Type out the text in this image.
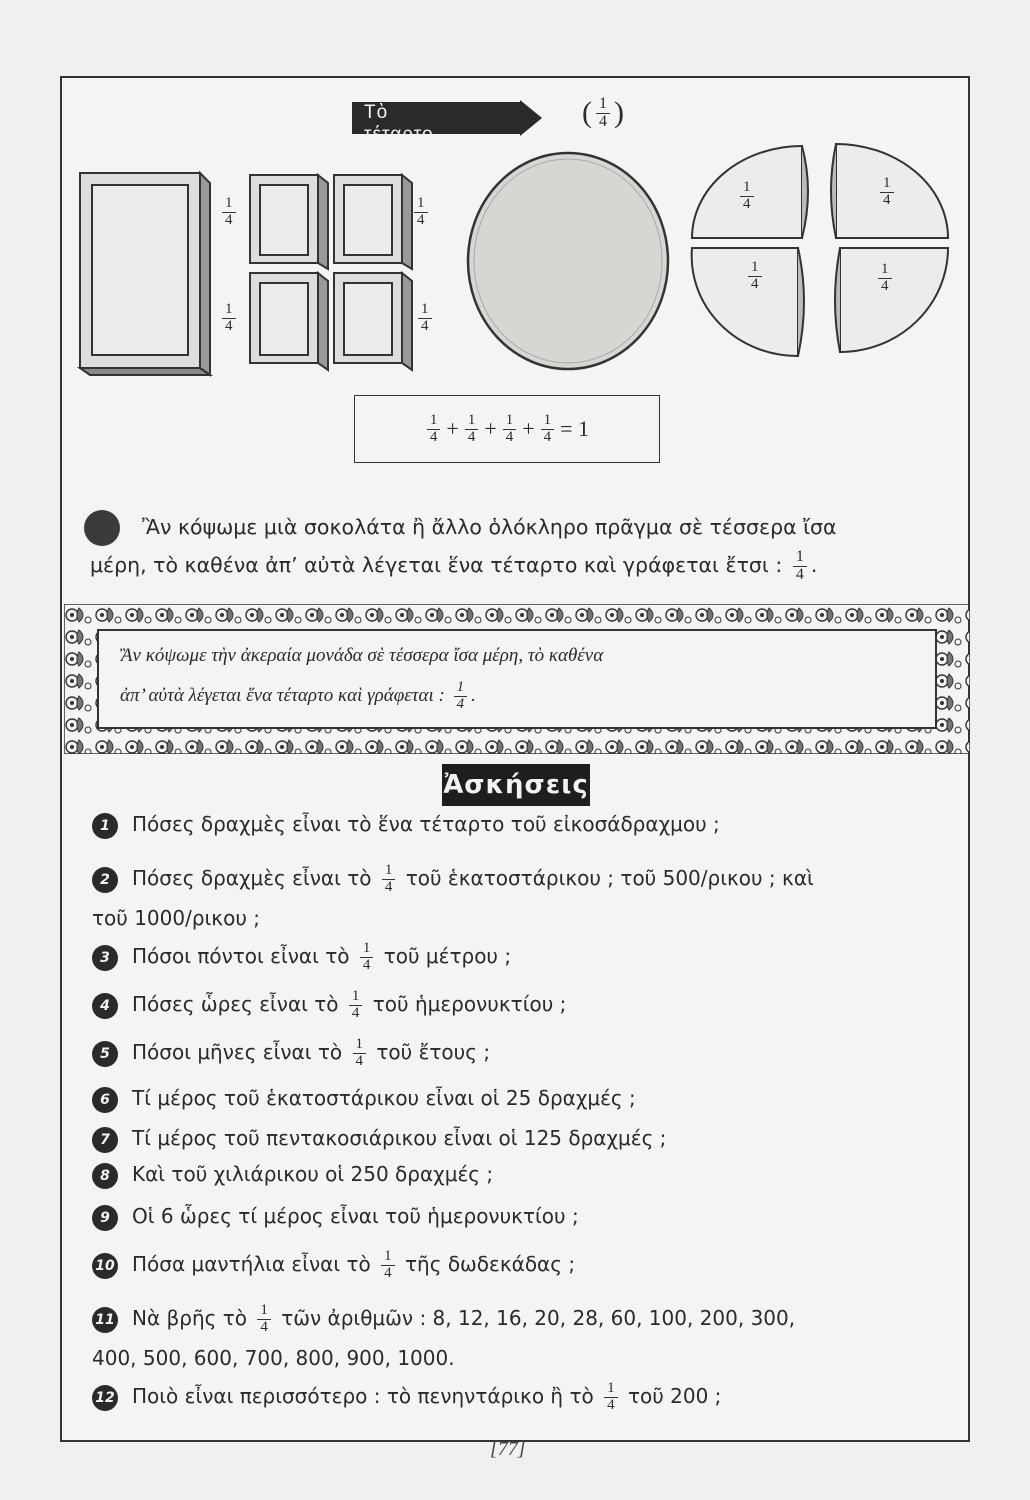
Τὸ τέταρτο
( $\frac{1}{4}$ )
$\frac{1}{4}$	$\frac{1}{4}$
$\frac{1}{4}$	$\frac{1}{4}$
$\frac{1}{4}$	$\frac{1}{4}$
$\frac{1}{4}$	$\frac{1}{4}$
$\frac{1}{4} + \frac{1}{4} + \frac{1}{4} + \frac{1}{4} = 1$
Ἂν κόψωμε μιὰ σοκολάτα ἢ ἄλλο ὁλόκληρο πρᾶγμα σὲ τέσσερα ἴσα
μέρη, τὸ καθένα ἀπ’ αὐτὰ λέγεται ἕνα τέταρτο καὶ γράφεται ἔτσι : $\frac{1}{4}$ .
Ἂν κόψωμε τὴν ἀκεραία μονάδα σὲ τέσσερα ἴσα μέρη, τὸ καθένα
ἀπ’ αὐτὰ λέγεται ἕνα τέταρτο καὶ γράφεται : $\frac{1}{4}$ .
Ἀσκήσεις
1 Πόσες δραχμὲς εἶναι τὸ ἕνα τέταρτο τοῦ εἰκοσάδραχμου ;
2 Πόσες δραχμὲς εἶναι τὸ $\frac{1}{4}$ τοῦ ἑκατοστάρικου ; τοῦ 500/ρικου ; καὶ
τοῦ 1000/ρικου ;
3 Πόσοι πόντοι εἶναι τὸ $\frac{1}{4}$ τοῦ μέτρου ;
4 Πόσες ὧρες εἶναι τὸ $\frac{1}{4}$ τοῦ ἡμερονυκτίου ;
5 Πόσοι μῆνες εἶναι τὸ $\frac{1}{4}$ τοῦ ἔτους ;
6 Τί μέρος τοῦ ἑκατοστάρικου εἶναι οἱ 25 δραχμές ;
7 Τί μέρος τοῦ πεντακοσιάρικου εἶναι οἱ 125 δραχμές ;
8 Καὶ τοῦ χιλιάρικου οἱ 250 δραχμές ;
9 Οἱ 6 ὧρες τί μέρος εἶναι τοῦ ἡμερονυκτίου ;
10 Πόσα μαντήλια εἶναι τὸ $\frac{1}{4}$ τῆς δωδεκάδας ;
11 Νὰ βρῆς τὸ $\frac{1}{4}$ τῶν ἀριθμῶν : 8, 12, 16, 20, 28, 60, 100, 200, 300,
400, 500, 600, 700, 800, 900, 1000.
12 Ποιὸ εἶναι περισσότερο : τὸ πενηντάρικο ἢ τὸ $\frac{1}{4}$ τοῦ 200 ;
[77]
